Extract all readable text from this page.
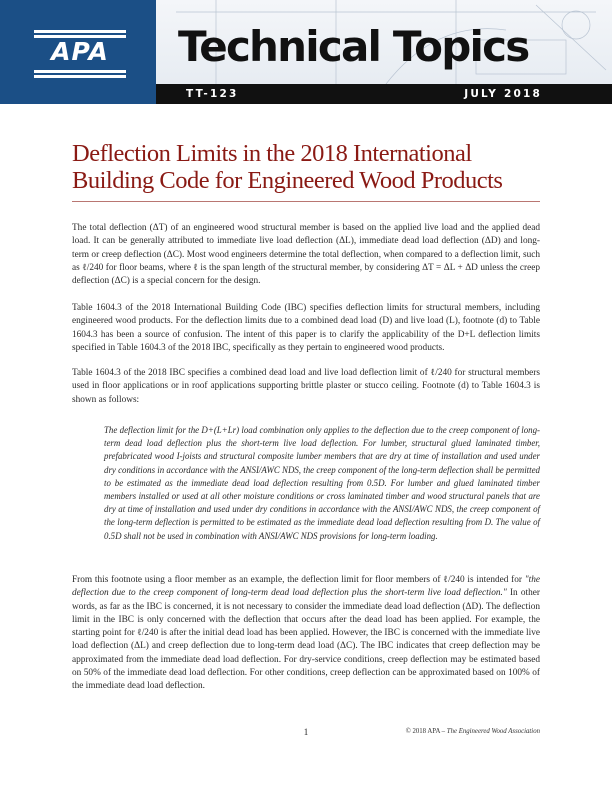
APA	Technical Topics
TT-123	JULY 2018
Deflection Limits in the 2018 International
Building Code for Engineered Wood Products

The total deflection (ΔT) of an engineered wood structural member is based on the applied live load and the applied dead load. It can be generally attributed to immediate live load deflection (ΔL), immediate dead load deflection (ΔD) and long-term or creep deflection (ΔC). Most wood engineers determine the total deflection, when compared to a deflection limit, such as ℓ/240 for floor beams, where ℓ is the span length of the structural member, by considering ΔT = ΔL + ΔD unless the creep deflection (ΔC) is a special concern for the design.

Table 1604.3 of the 2018 International Building Code (IBC) specifies deflection limits for structural members, including engineered wood products. For the deflection limits due to a combined dead load (D) and live load (L), footnote (d) to Table 1604.3 has been a source of confusion. The intent of this paper is to clarify the applicability of the D+L deflection limits specified in Table 1604.3 of the 2018 IBC, specifically as they pertain to engineered wood products.

Table 1604.3 of the 2018 IBC specifies a combined dead load and live load deflection limit of ℓ/240 for structural members used in floor applications or in roof applications supporting brittle plaster or stucco ceiling. Footnote (d) to Table 1604.3 is shown as follows:

The deflection limit for the D+(L+Lr) load combination only applies to the deflection due to the creep component of long-term dead load deflection plus the short-term live load deflection. For lumber, structural glued laminated timber, prefabricated wood I-joists and structural composite lumber members that are dry at time of installation and used under dry conditions in accordance with the ANSI/AWC NDS, the creep component of the long-term deflection shall be permitted to be estimated as the immediate dead load deflection resulting from 0.5D. For lumber and glued laminated timber members installed or used at all other moisture conditions or cross laminated timber and wood structural panels that are dry at time of installation and used under dry conditions in accordance with the ANSI/AWC NDS, the creep component of the long-term deflection is permitted to be estimated as the immediate dead load deflection resulting from D. The value of 0.5D shall not be used in combination with ANSI/AWC NDS provisions for long-term loading.

From this footnote using a floor member as an example, the deflection limit for floor members of ℓ/240 is intended for "the deflection due to the creep component of long-term dead load deflection plus the short-term live load deflection." In other words, as far as the IBC is concerned, it is not necessary to consider the immediate dead load deflection (ΔD). The deflection limit in the IBC is only concerned with the deflection that occurs after the dead load has been applied. For example, the starting point for ℓ/240 is after the initial dead load has been applied. However, the IBC is concerned with the immediate live load deflection (ΔL) and creep deflection due to long-term dead load (ΔC). The IBC indicates that creep deflection may be approximated from the immediate dead load deflection. For dry-service conditions, creep deflection may be estimated based on 50% of the immediate dead load deflection. For other conditions, creep deflection can be approximated based on 100% of the immediate dead load deflection.

1	© 2018 APA – The Engineered Wood Association
